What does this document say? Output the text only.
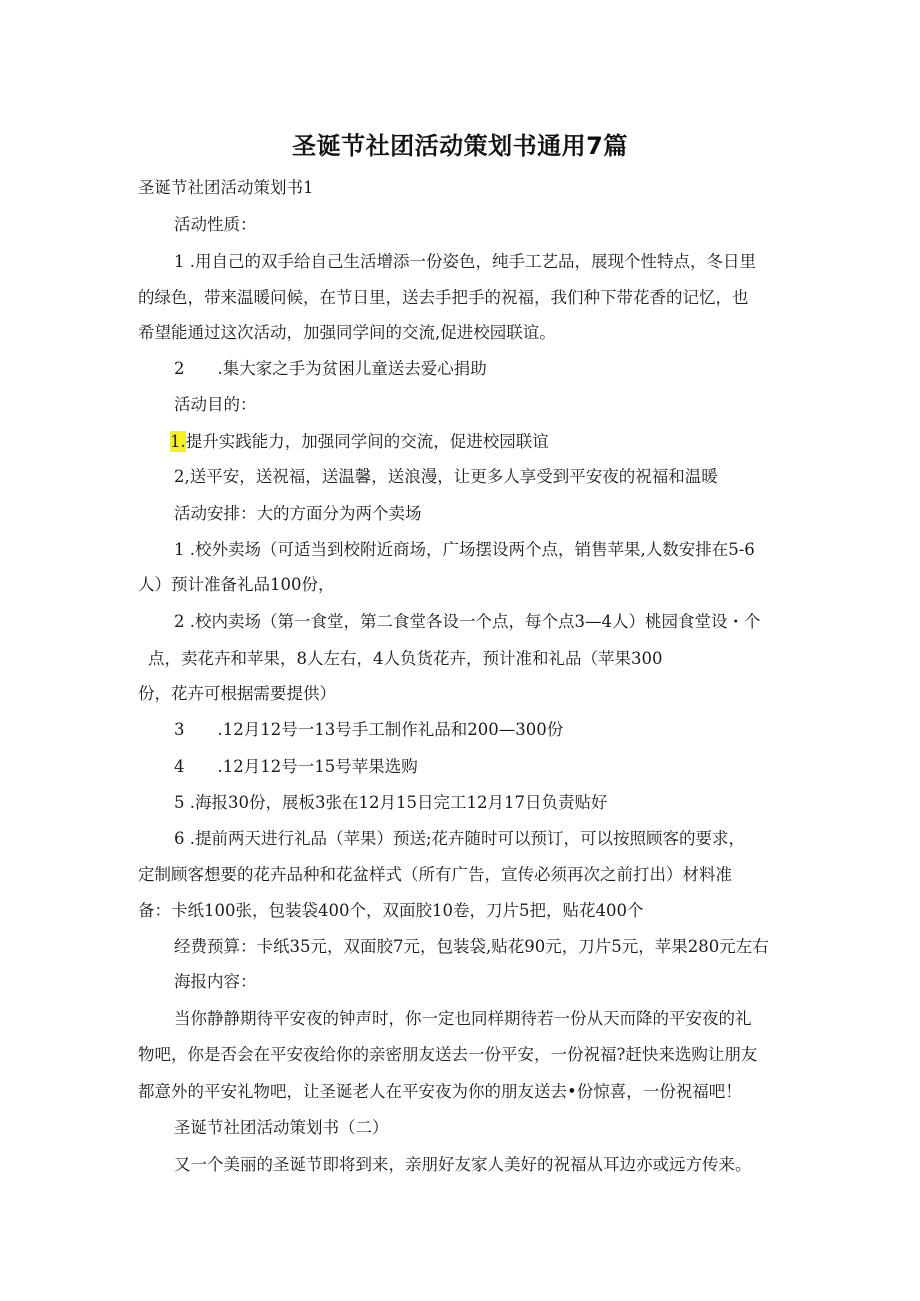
圣诞节社团活动策划书通用7篇
圣诞节社团活动策划书1
活动性质：
1 .用自己的双手给自己生活增添一份姿色，纯手工艺品，展现个性特点，冬日里
的绿色，带来温暖问候，在节日里，送去手把手的祝福，我们种下带花香的记忆，也
希望能通过这次活动，加强同学间的交流,促进校园联谊。
2　　.集大家之手为贫困儿童送去爱心捐助
活动目的：
1.提升实践能力，加强同学间的交流，促进校园联谊
2,送平安，送祝福，送温馨，送浪漫，让更多人享受到平安夜的祝福和温暖
活动安排：大的方面分为两个卖场
1 .校外卖场（可适当到校附近商场，广场摆设两个点，销售苹果,人数安排在5-6
人）预计准备礼品100份，
2 .校内卖场（第一食堂，第二食堂各设一个点，每个点3—4人）桃园食堂设・个
点，卖花卉和苹果，8人左右，4人负货花卉，预计准和礼品（苹果300
份，花卉可根据需要提供）
3　　.12月12号一13号手工制作礼品和200—300份
4　　.12月12号一15号苹果选购
5 .海报30份，展板3张在12月15日完工12月17日负责贴好
6 .提前两天进行礼品（苹果）预送;花卉随时可以预订，可以按照顾客的要求，
定制顾客想要的花卉品种和花盆样式（所有广告，宣传必须再次之前打出）材料准
备：卡纸100张，包装袋400个，双面胶10卷，刀片5把，贴花400个
经费预算：卡纸35元，双面胶7元，包装袋,贴花90元，刀片5元，苹果280元左右
海报内容：
当你静静期待平安夜的钟声时，你一定也同样期待若一份从天而降的平安夜的礼
物吧，你是否会在平安夜给你的亲密朋友送去一份平安，一份祝福?赶快来选购让朋友
都意外的平安礼物吧，让圣诞老人在平安夜为你的朋友送去•份惊喜，一份祝福吧！
圣诞节社团活动策划书（二）
又一个美丽的圣诞节即将到来，亲朋好友家人美好的祝福从耳边亦或远方传来。
